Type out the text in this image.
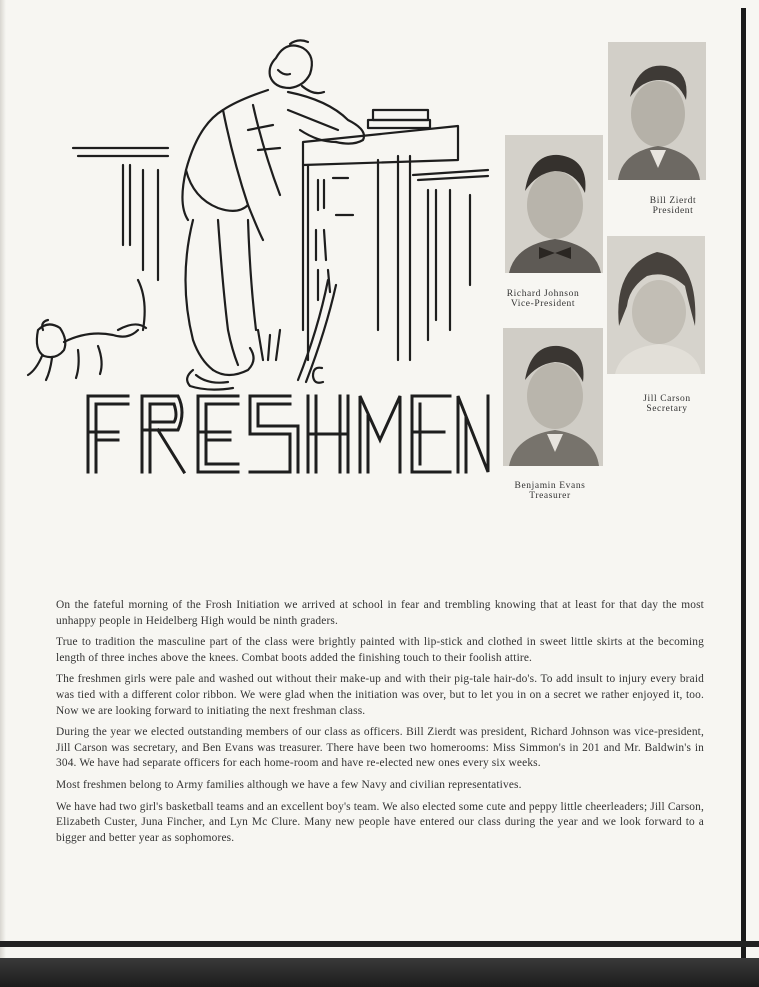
Bill Zierdt
President
Richard Johnson
Vice-President
Jill Carson
Secretary
Benjamin Evans
Treasurer

On the fateful morning of the Frosh Initiation we arrived at school in fear and trembling knowing that at least for that day the most unhappy people in Heidelberg High would be ninth graders.

True to tradition the masculine part of the class were brightly painted with lip-stick and clothed in sweet little skirts at the becoming length of three inches above the knees. Combat boots added the finishing touch to their foolish attire.

The freshmen girls were pale and washed out without their make-up and with their pig-tale hair-do's. To add insult to injury every braid was tied with a different color ribbon. We were glad when the initiation was over, but to let you in on a secret we rather enjoyed it, too. Now we are looking forward to initiating the next freshman class.

During the year we elected outstanding members of our class as officers. Bill Zierdt was president, Richard Johnson was vice-president, Jill Carson was secretary, and Ben Evans was treasurer. There have been two homerooms: Miss Simmon's in 201 and Mr. Baldwin's in 304. We have had separate officers for each home-room and have re-elected new ones every six weeks.

Most freshmen belong to Army families although we have a few Navy and civilian representatives.

We have had two girl's basketball teams and an excellent boy's team. We also elected some cute and peppy little cheerleaders; Jill Carson, Elizabeth Custer, Juna Fincher, and Lyn Mc Clure. Many new people have entered our class during the year and we look forward to a bigger and better year as sophomores.
